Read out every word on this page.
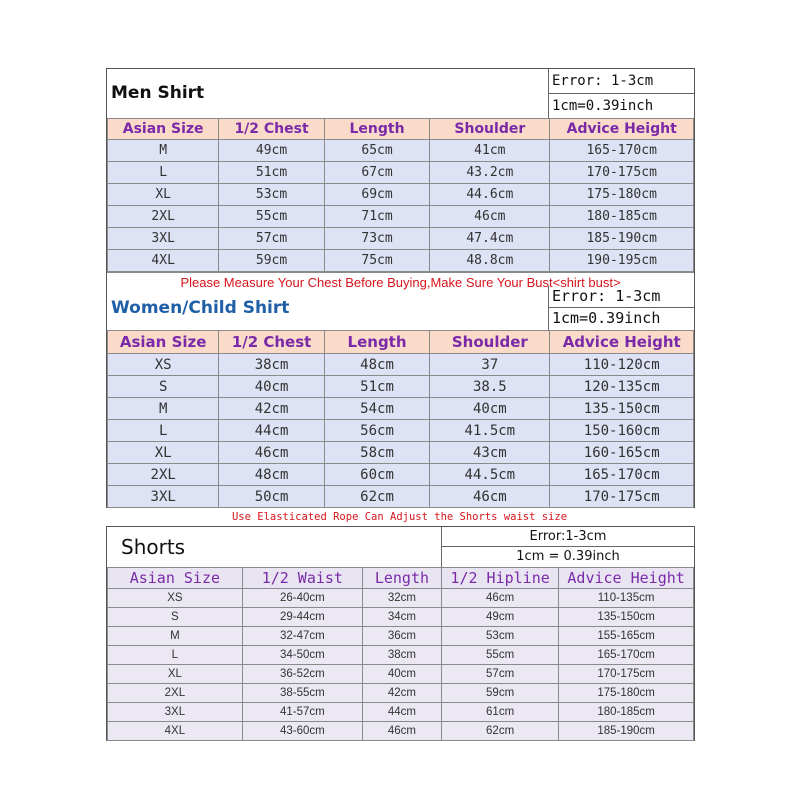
Men Shirt
Error: 1-3cm
1cm=0.39inch
Asian Size	1/2 Chest	Length	Shoulder	Advice Height
M	49cm	65cm	41cm	165-170cm
L	51cm	67cm	43.2cm	170-175cm
XL	53cm	69cm	44.6cm	175-180cm
2XL	55cm	71cm	46cm	180-185cm
3XL	57cm	73cm	47.4cm	185-190cm
4XL	59cm	75cm	48.8cm	190-195cm
Please Measure Your Chest Before Buying,Make Sure Your Bust<shirt bust>
Women/Child Shirt
Error: 1-3cm
1cm=0.39inch
Asian Size	1/2 Chest	Length	Shoulder	Advice Height
XS	38cm	48cm	37	110-120cm
S	40cm	51cm	38.5	120-135cm
M	42cm	54cm	40cm	135-150cm
L	44cm	56cm	41.5cm	150-160cm
XL	46cm	58cm	43cm	160-165cm
2XL	48cm	60cm	44.5cm	165-170cm
3XL	50cm	62cm	46cm	170-175cm
Use Elasticated Rope Can Adjust the Shorts waist size
Shorts	Error:1-3cm
1cm = 0.39inch
Asian Size	1/2 Waist	Length	1/2 Hipline	Advice Height
XS	26-40cm	32cm	46cm	110-135cm
S	29-44cm	34cm	49cm	135-150cm
M	32-47cm	36cm	53cm	155-165cm
L	34-50cm	38cm	55cm	165-170cm
XL	36-52cm	40cm	57cm	170-175cm
2XL	38-55cm	42cm	59cm	175-180cm
3XL	41-57cm	44cm	61cm	180-185cm
4XL	43-60cm	46cm	62cm	185-190cm
